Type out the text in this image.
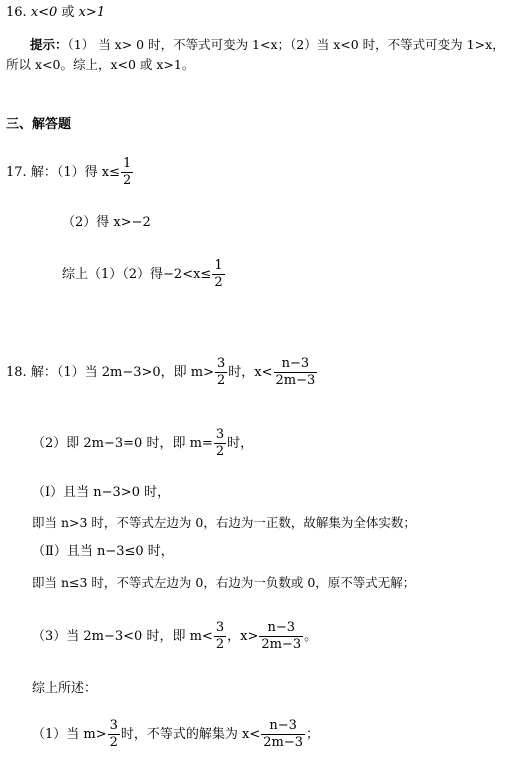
16. x<0 或 x>1
提示：（1） 当 x> 0 时，不等式可变为 1<x；（2）当 x<0 时，不等式可变为 1>x，
所以 x<0。综上，x<0 或 x>1。
三、解答题
17. 解：（1）得 $x\le \frac{1}{2}$
（2）得 x>−2
综上（1）（2）得$-2<x\le \frac{1}{2}$
18. 解：（1）当 2m−3>0，即 $m> \frac{3}{2}$ 时，$x< \frac{n-3}{2m-3}$
（2）即 2m−3=0 时，即 $m= \frac{3}{2}$ 时，
（Ⅰ）且当 n−3>0 时，
即当 n>3 时，不等式左边为 0，右边为一正数，故解集为全体实数；
（Ⅱ）且当 n−3≤0 时，
即当 n≤3 时，不等式左边为 0，右边为一负数或 0，原不等式无解；
（3）当 2m−3<0 时，即 $m< \frac{3}{2}$ ，$x> \frac{n-3}{2m-3}$ 。
综上所述：
（1）当 $m> \frac{3}{2}$ 时，不等式的解集为 $x< \frac{n-3}{2m-3}$ ；
